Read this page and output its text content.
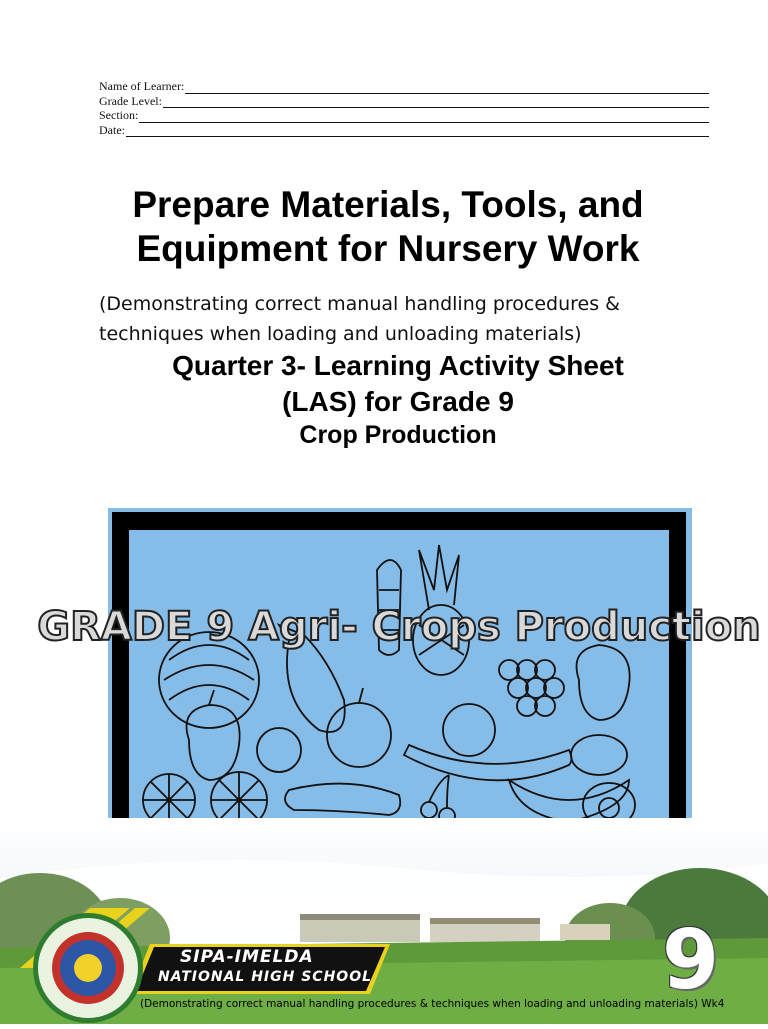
Name of Learner:
Grade Level:
Section:
Date:
Prepare Materials, Tools, and
Equipment for Nursery Work
(Demonstrating correct manual handling procedures &
techniques when loading and unloading materials)
Quarter 3- Learning Activity Sheet
(LAS) for Grade 9
Crop Production
GRADE 9 Agri- Crops Production
SIPA-IMELDA
NATIONAL HIGH SCHOOL	9
(Demonstrating correct manual handling procedures & techniques when loading and unloading materials) Wk4
